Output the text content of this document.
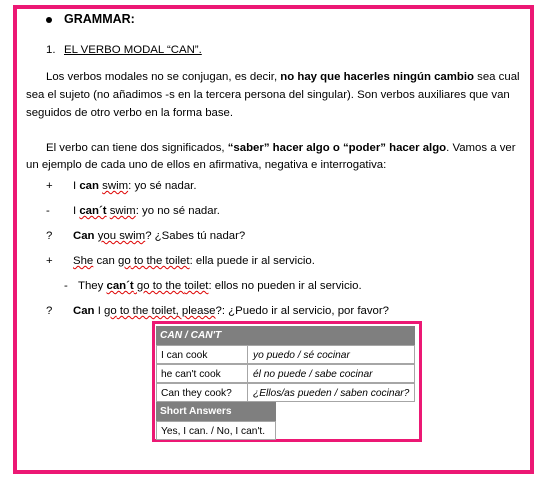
GRAMMAR:
1. EL VERBO MODAL “CAN”.
Los verbos modales no se conjugan, es decir, no hay que hacerles ningún cambio sea cual
sea el sujeto (no añadimos -s en la tercera persona del singular). Son verbos auxiliares que van
seguidos de otro verbo en la forma base.
El verbo can tiene dos significados, “saber” hacer algo o “poder” hacer algo. Vamos a ver
un ejemplo de cada uno de ellos en afirmativa, negativa e interrogativa:
+ I can swim: yo sé nadar.
- I can´t swim: yo no sé nadar.
? Can you swim? ¿Sabes tú nadar?
+ She can go to the toilet: ella puede ir al servicio.
- They can´t go to the toilet: ellos no pueden ir al servicio.
? Can I go to the toilet, please?: ¿Puedo ir al servicio, por favor?
CAN / CAN'T
I can cook	yo puedo / sé cocinar
he can't cook	él no puede / sabe cocinar
Can they cook?	¿Ellos/as pueden / saben cocinar?
Short Answers
Yes, I can. / No, I can't.
